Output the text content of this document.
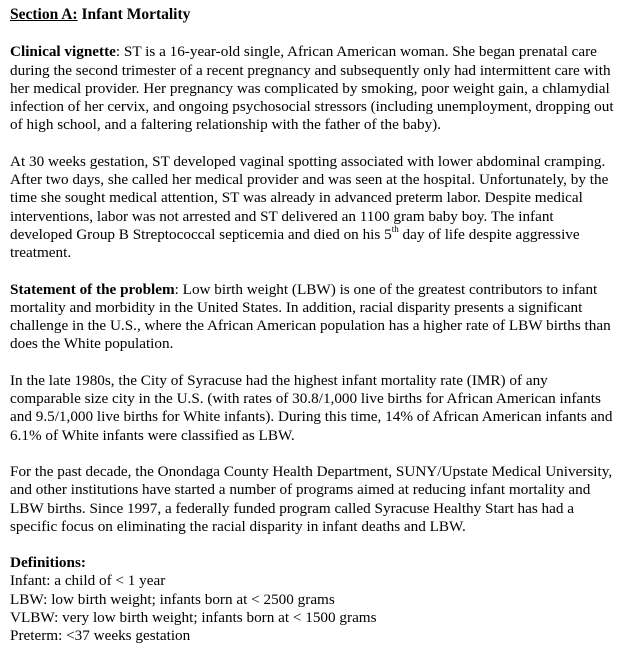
Section A: Infant Mortality

Clinical vignette: ST is a 16-year-old single, African American woman. She began prenatal care during the second trimester of a recent pregnancy and subsequently only had intermittent care with her medical provider. Her pregnancy was complicated by smoking, poor weight gain, a chlamydial infection of her cervix, and ongoing psychosocial stressors (including unemployment, dropping out of high school, and a faltering relationship with the father of the baby).

At 30 weeks gestation, ST developed vaginal spotting associated with lower abdominal cramping. After two days, she called her medical provider and was seen at the hospital. Unfortunately, by the time she sought medical attention, ST was already in advanced preterm labor. Despite medical interventions, labor was not arrested and ST delivered an 1100 gram baby boy. The infant developed Group B Streptococcal septicemia and died on his 5th day of life despite aggressive treatment.

Statement of the problem: Low birth weight (LBW) is one of the greatest contributors to infant mortality and morbidity in the United States. In addition, racial disparity presents a significant challenge in the U.S., where the African American population has a higher rate of LBW births than does the White population.

In the late 1980s, the City of Syracuse had the highest infant mortality rate (IMR) of any comparable size city in the U.S. (with rates of 30.8/1,000 live births for African American infants and 9.5/1,000 live births for White infants). During this time, 14% of African American infants and 6.1% of White infants were classified as LBW.

For the past decade, the Onondaga County Health Department, SUNY/Upstate Medical University, and other institutions have started a number of programs aimed at reducing infant mortality and LBW births. Since 1997, a federally funded program called Syracuse Healthy Start has had a specific focus on eliminating the racial disparity in infant deaths and LBW.

Definitions:
Infant: a child of < 1 year
LBW: low birth weight; infants born at < 2500 grams
VLBW: very low birth weight; infants born at < 1500 grams
Preterm: <37 weeks gestation
